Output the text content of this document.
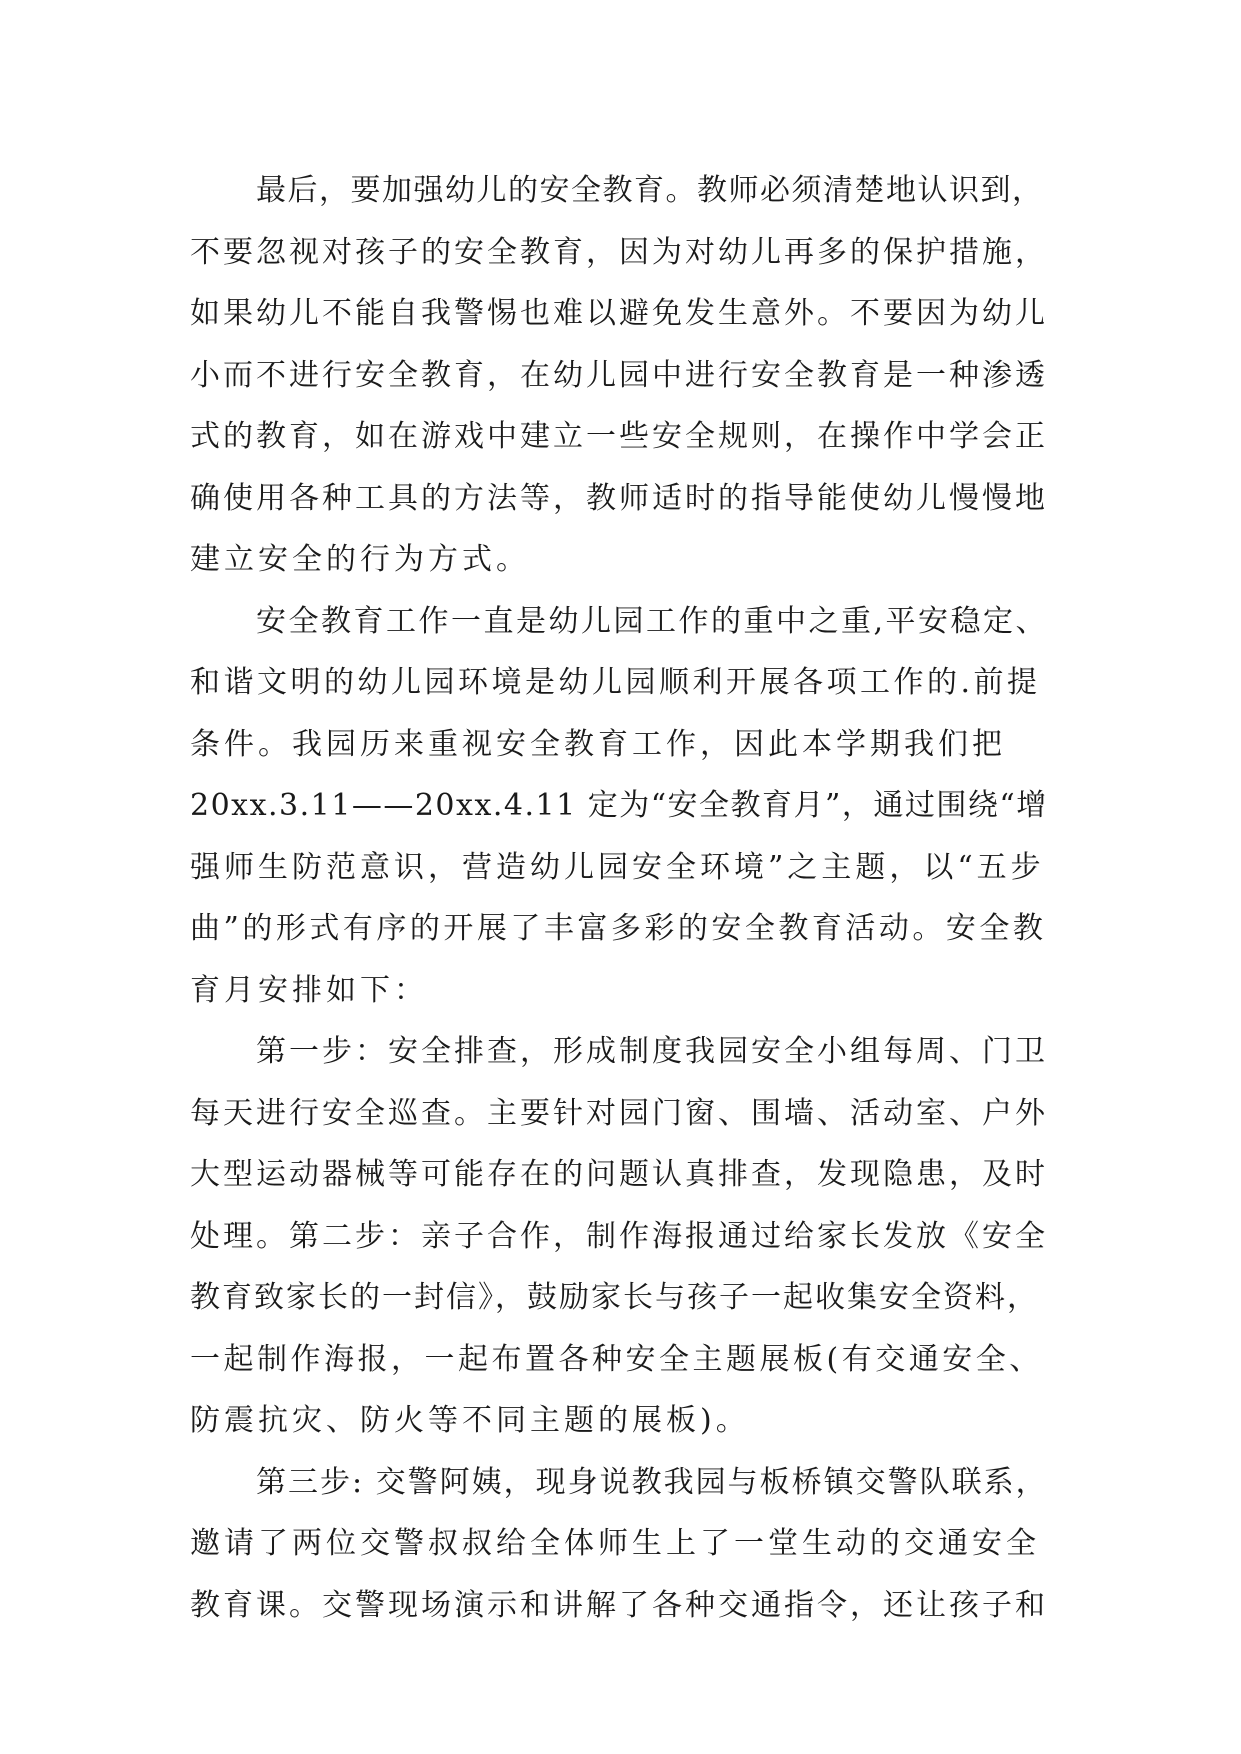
最后，要加强幼儿的安全教育。教师必须清楚地认识到，
不要忽视对孩子的安全教育，因为对幼儿再多的保护措施，
如果幼儿不能自我警惕也难以避免发生意外。不要因为幼儿
小而不进行安全教育，在幼儿园中进行安全教育是一种渗透
式的教育，如在游戏中建立一些安全规则，在操作中学会正
确使用各种工具的方法等，教师适时的指导能使幼儿慢慢地
建立安全的行为方式。
安全教育工作一直是幼儿园工作的重中之重,平安稳定、
和谐文明的幼儿园环境是幼儿园顺利开展各项工作的.前提
条件。我园历来重视安全教育工作，因此本学期我们把
20xx.3.11——20xx.4.11 定为“安全教育月”，通过围绕“增
强师生防范意识，营造幼儿园安全环境”之主题，以“五步
曲”的形式有序的开展了丰富多彩的安全教育活动。安全教
育月安排如下：
第一步：安全排查，形成制度我园安全小组每周、门卫
每天进行安全巡查。主要针对园门窗、围墙、活动室、户外
大型运动器械等可能存在的问题认真排查，发现隐患，及时
处理。第二步：亲子合作，制作海报通过给家长发放《安全
教育致家长的一封信》，鼓励家长与孩子一起收集安全资料，
一起制作海报，一起布置各种安全主题展板(有交通安全、
防震抗灾、防火等不同主题的展板)。
第三步: 交警阿姨，现身说教我园与板桥镇交警队联系，
邀请了两位交警叔叔给全体师生上了一堂生动的交通安全
教育课。交警现场演示和讲解了各种交通指令，还让孩子和
